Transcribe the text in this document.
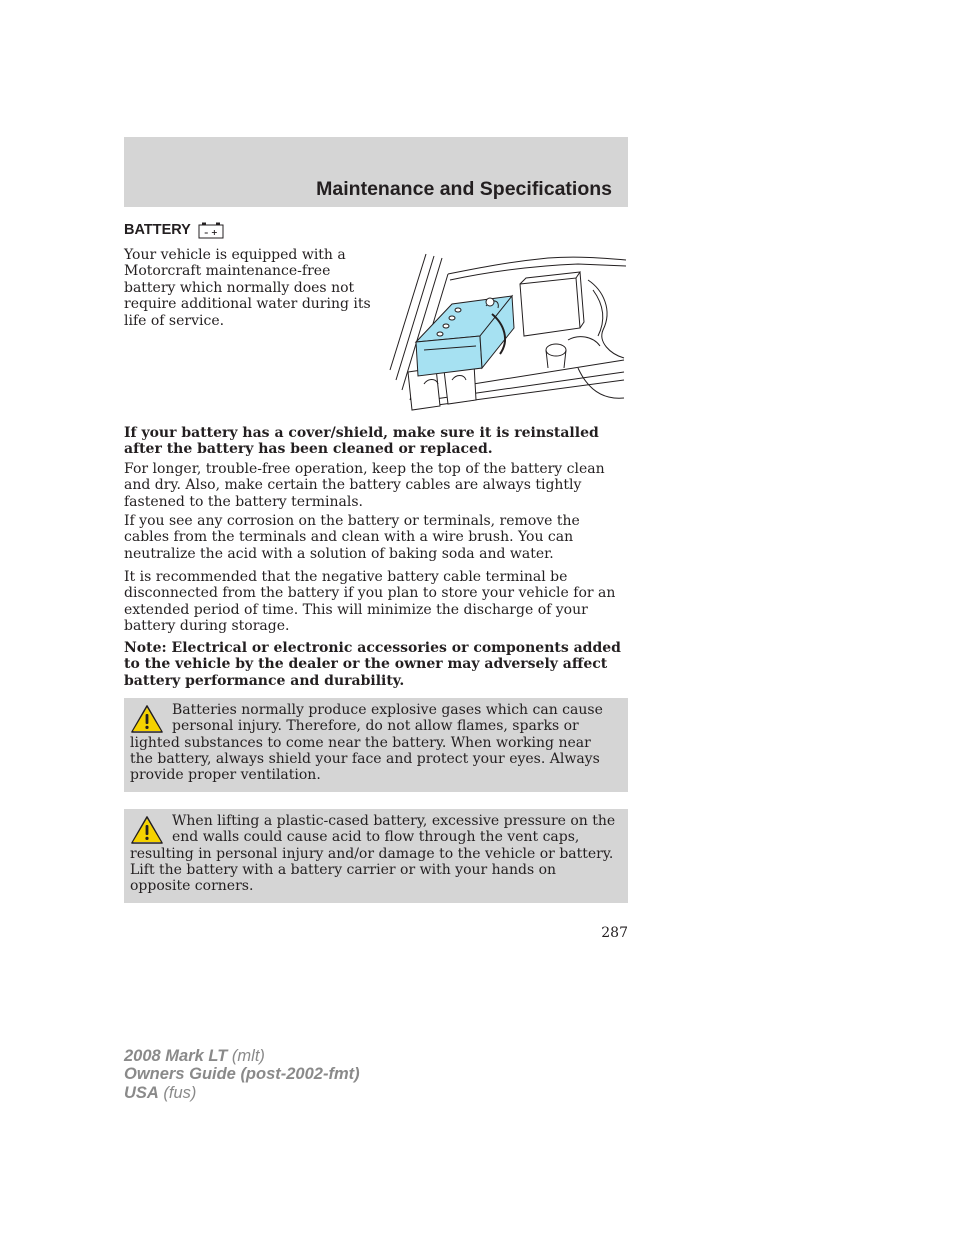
Maintenance and Specifications
BATTERY – +
Your vehicle is equipped with a Motorcraft maintenance-free battery which normally does not require additional water during its life of service.
If your battery has a cover/shield, make sure it is reinstalled after the battery has been cleaned or replaced.
For longer, trouble-free operation, keep the top of the battery clean and dry. Also, make certain the battery cables are always tightly fastened to the battery terminals.
If you see any corrosion on the battery or terminals, remove the cables from the terminals and clean with a wire brush. You can neutralize the acid with a solution of baking soda and water.
It is recommended that the negative battery cable terminal be disconnected from the battery if you plan to store your vehicle for an extended period of time. This will minimize the discharge of your battery during storage.
Note: Electrical or electronic accessories or components added to the vehicle by the dealer or the owner may adversely affect battery performance and durability.
Batteries normally produce explosive gases which can cause personal injury. Therefore, do not allow flames, sparks or lighted substances to come near the battery. When working near the battery, always shield your face and protect your eyes. Always provide proper ventilation.
When lifting a plastic-cased battery, excessive pressure on the end walls could cause acid to flow through the vent caps, resulting in personal injury and/or damage to the vehicle or battery. Lift the battery with a battery carrier or with your hands on opposite corners.
287
2008 Mark LT (mlt)
Owners Guide (post-2002-fmt)
USA (fus)
